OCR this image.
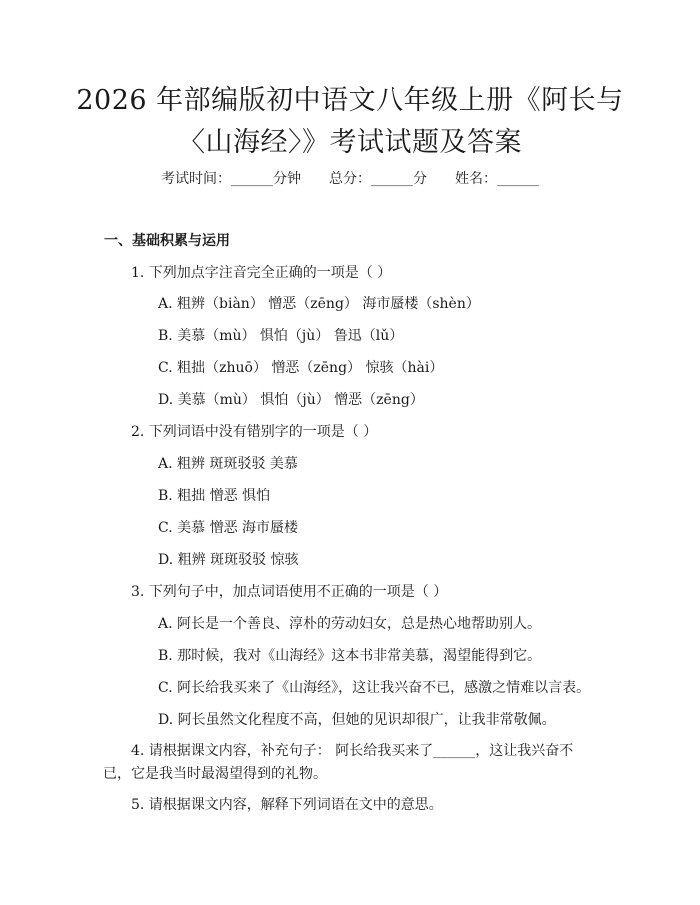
2026 年部编版初中语文八年级上册《阿长与
〈山海经〉》考试试题及答案
考试时间：______分钟 总分：______分 姓名：______
一、基础积累与运用
1. 下列加点字注音完全正确的一项是（ ）
A. 粗辨（biàn） 憎恶（zēng） 海市蜃楼（shèn）
B. 美慕（mù） 惧怕（jù） 鲁迅（lǔ）
C. 粗拙（zhuō） 憎恶（zēng） 惊骇（hài）
D. 美慕（mù） 惧怕（jù） 憎恶（zēng）
2. 下列词语中没有错别字的一项是（ ）
A. 粗辨 斑斑驳驳 美慕
B. 粗拙 憎恶 惧怕
C. 美慕 憎恶 海市蜃楼
D. 粗辨 斑斑驳驳 惊骇
3. 下列句子中，加点词语使用不正确的一项是（ ）
A. 阿长是一个善良、淳朴的劳动妇女，总是热心地帮助别人。
B. 那时候，我对《山海经》这本书非常美慕，渴望能得到它。
C. 阿长给我买来了《山海经》，这让我兴奋不已，感激之情难以言表。
D. 阿长虽然文化程度不高，但她的见识却很广，让我非常敬佩。
4. 请根据课文内容，补充句子： 阿长给我买来了______，这让我兴奋不
已，它是我当时最渴望得到的礼物。
5. 请根据课文内容，解释下列词语在文中的意思。
